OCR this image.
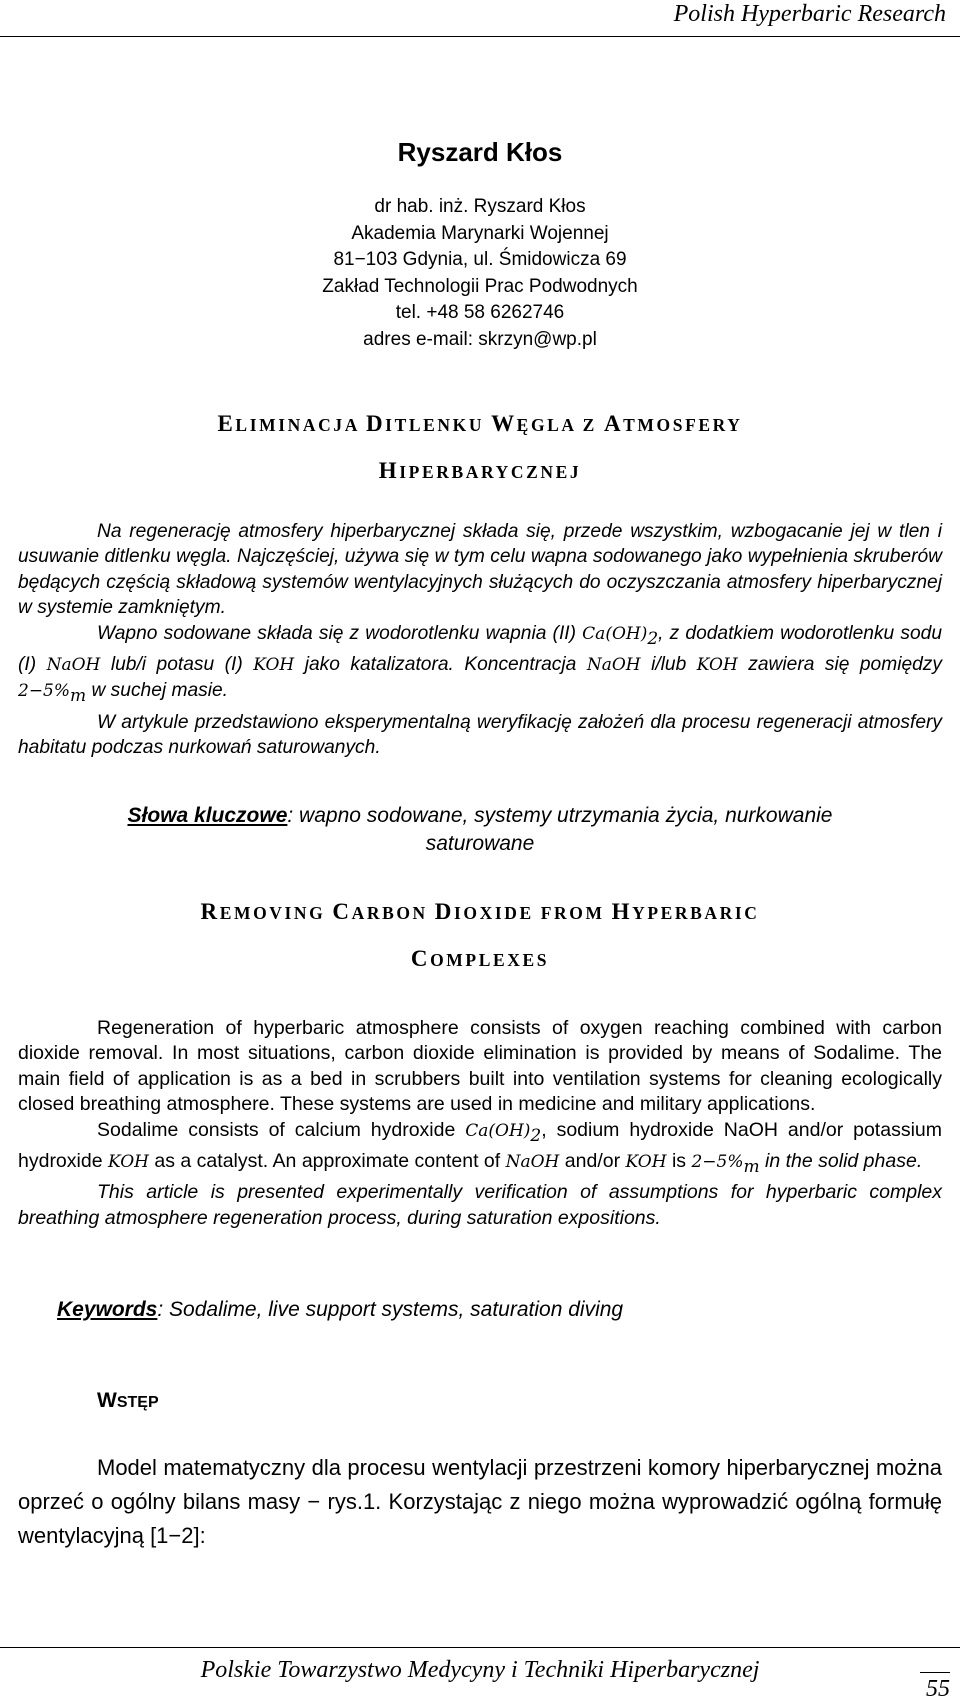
Polish Hyperbaric Research
Ryszard Kłos
dr hab. inż. Ryszard Kłos
Akademia Marynarki Wojennej
81−103 Gdynia, ul. Śmidowicza 69
Zakład Technologii Prac Podwodnych
tel. +48 58 6262746
adres e-mail: skrzyn@wp.pl
ELIMINACJA DITLENKU WĘGLA Z ATMOSFERY
HIPERBARYCZNEJ
Na regenerację atmosfery hiperbarycznej składa się, przede wszystkim, wzbogacanie jej w tlen i usuwanie ditlenku węgla. Najczęściej, używa się w tym celu wapna sodowanego jako wypełnienia skruberów będących częścią składową systemów wentylacyjnych służących do oczyszczania atmosfery hiperbarycznej w systemie zamkniętym.
Wapno sodowane składa się z wodorotlenku wapnia (II) $Ca(OH)_2$, z dodatkiem wodorotlenku sodu (I) NaOH lub/i potasu (I) KOH jako katalizatora. Koncentracja NaOH i/lub KOH zawiera się pomiędzy $2-5\%_m$ w suchej masie.
W artykule przedstawiono eksperymentalną weryfikację założeń dla procesu regeneracji atmosfery habitatu podczas nurkowań saturowanych.
Słowa kluczowe: wapno sodowane, systemy utrzymania życia, nurkowanie saturowane
REMOVING CARBON DIOXIDE FROM HYPERBARIC
COMPLEXES
Regeneration of hyperbaric atmosphere consists of oxygen reaching combined with carbon dioxide removal. In most situations, carbon dioxide elimination is provided by means of Sodalime. The main field of application is as a bed in scrubbers built into ventilation systems for cleaning ecologically closed breathing atmosphere. These systems are used in medicine and military applications.
Sodalime consists of calcium hydroxide $Ca(OH)_2$, sodium hydroxide NaOH and/or potassium hydroxide KOH as a catalyst. An approximate content of NaOH and/or KOH is $2-5\%_m$ in the solid phase.
This article is presented experimentally verification of assumptions for hyperbaric complex breathing atmosphere regeneration process, during saturation expositions.
Keywords: Sodalime, live support systems, saturation diving
WSTĘP
Model matematyczny dla procesu wentylacji przestrzeni komory hiperbarycznej można oprzeć o ogólny bilans masy − rys.1. Korzystając z niego można wyprowadzić ogólną formułę wentylacyjną [1−2]:
Polskie Towarzystwo Medycyny i Techniki Hiperbarycznej
55
